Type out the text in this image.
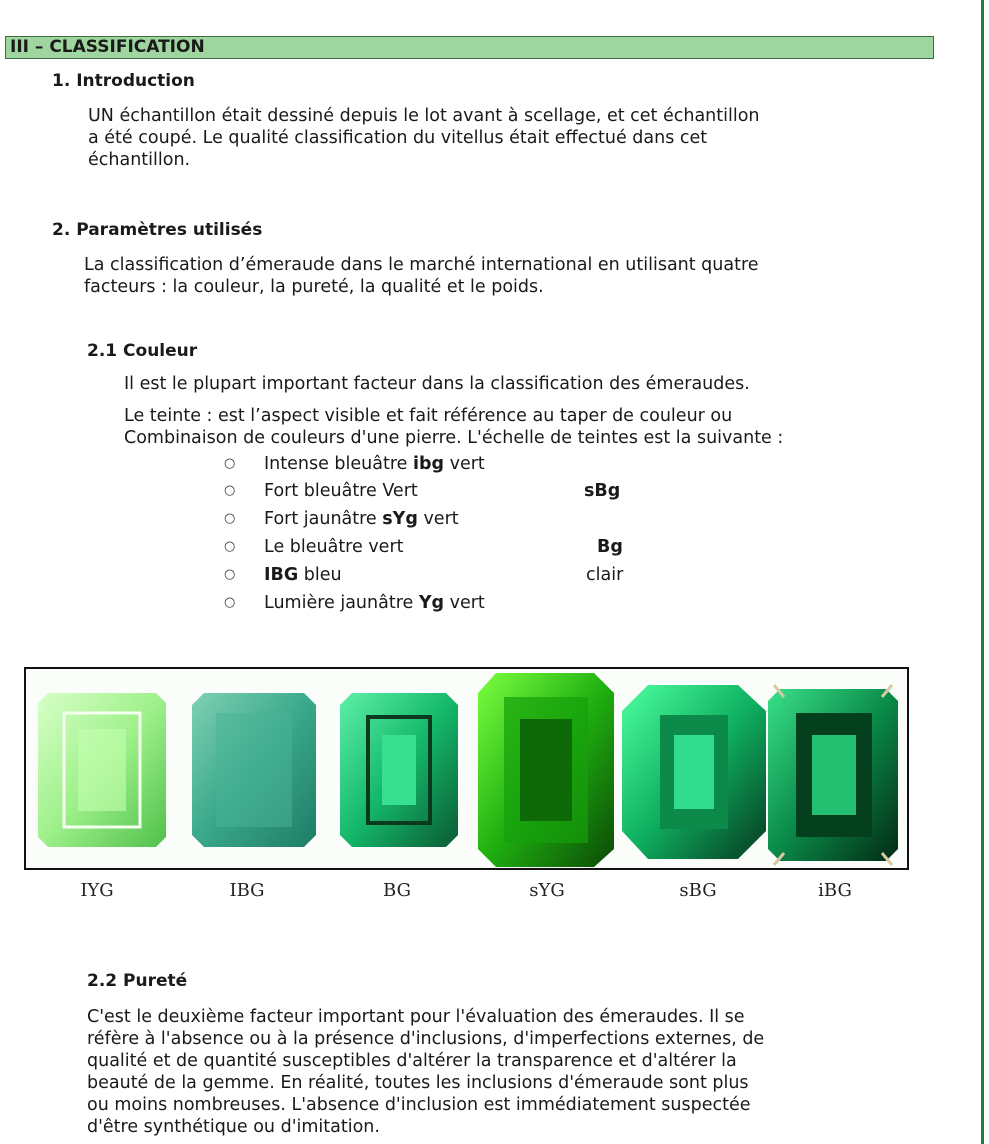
III – CLASSIFICATION
1. Introduction
UN échantillon était dessiné depuis le lot avant à scellage, et cet échantillon
a été coupé. Le qualité classification du vitellus était effectué dans cet
échantillon.
2. Paramètres utilisés
La classification d’émeraude dans le marché international en utilisant quatre
facteurs : la couleur, la pureté, la qualité et le poids.
2.1 Couleur
Il est le plupart important facteur dans la classification des émeraudes.
Le teinte : est l’aspect visible et fait référence au taper de couleur ou
Combinaison de couleurs d'une pierre. L'échelle de teintes est la suivante :
○ Intense bleuâtre ibg vert
○ Fort bleuâtre Vert	sBg
○ Fort jaunâtre sYg vert
○ Le bleuâtre vert	Bg
○ IBG bleu	clair
○ Lumière jaunâtre Yg vert
IYG	IBG	BG	sYG	sBG	iBG
2.2 Pureté
C'est le deuxième facteur important pour l'évaluation des émeraudes. Il se
réfère à l'absence ou à la présence d'inclusions, d'imperfections externes, de
qualité et de quantité susceptibles d'altérer la transparence et d'altérer la
beauté de la gemme. En réalité, toutes les inclusions d'émeraude sont plus
ou moins nombreuses. L'absence d'inclusion est immédiatement suspectée
d'être synthétique ou d'imitation.
